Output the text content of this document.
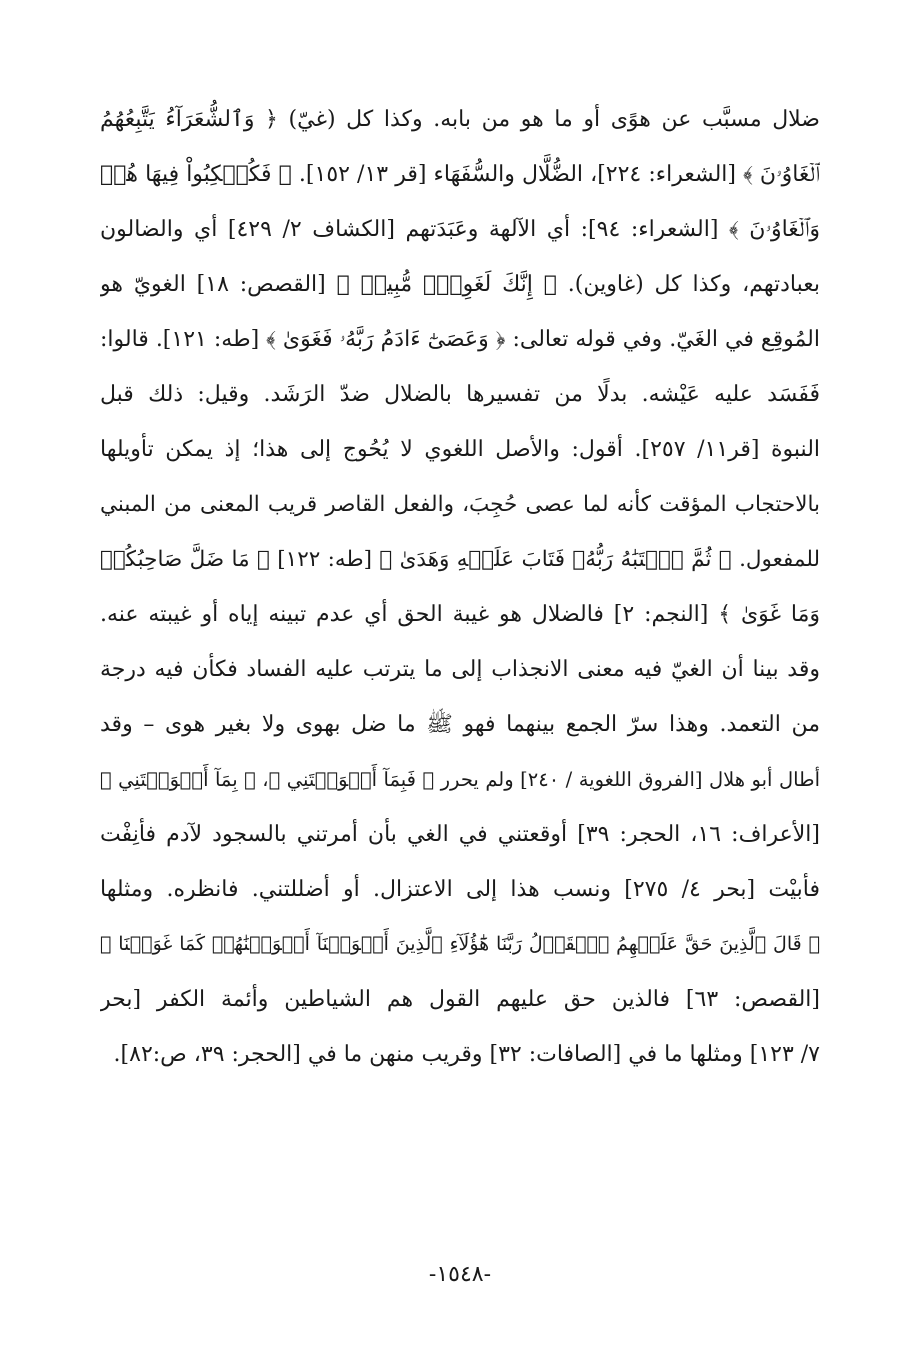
ضلال مسبَّب عن هوًى أو ما هو من بابه. وكذا كل (غيّ) ﴿ وَٱلشُّعَرَآءُ يَتَّبِعُهُمُ
ٱلۡغَاوُۥنَ ﴾ [الشعراء: ٢٢٤]، الضُّلَّال والسُّفَهَاء [قر ١٣/ ١٥٢]. ﴿ فَكُبۡكِبُواْ فِيهَا هُمۡ
وَٱلۡغَاوُۥنَ ﴾ [الشعراء: ٩٤]: أي الآلهة وعَبَدَتهم [الكشاف ٢/ ٤٢٩] أي والضالون
بعبادتهم، وكذا كل (غاوين). ﴿ إِنَّكَ لَغَوِيّٞ مُّبِينٞ ﴾ [القصص: ١٨] الغويّ هو
المُوقِع في الغَيّ. وفي قوله تعالى: ﴿ وَعَصَىٰٓ ءَادَمُ رَبَّهُۥ فَغَوَىٰ ﴾ [طه: ١٢١]. قالوا:
فَفَسَد عليه عَيْشه. بدلًا من تفسيرها بالضلال ضدّ الرَشَد. وقيل: ذلك قبل
النبوة [قر١١/ ٢٥٧]. أقول: والأصل اللغوي لا يُحُوج إلى هذا؛ إذ يمكن تأويلها
بالاحتجاب المؤقت كأنه لما عصى حُجِبَ، والفعل القاصر قريب المعنى من المبني
للمفعول. ﴿ ثُمَّ ٱجۡتَبَٰهُ رَبُّهُۥ فَتَابَ عَلَيۡهِ وَهَدَىٰ ﴾ [طه: ١٢٢] ﴿ مَا ضَلَّ صَاحِبُكُمۡ
وَمَا غَوَىٰ ﴾ [النجم: ٢] فالضلال هو غيبة الحق أي عدم تبينه إياه أو غيبته عنه.
وقد بينا أن الغيّ فيه معنى الانجذاب إلى ما يترتب عليه الفساد فكأن فيه درجة
من التعمد. وهذا سرّ الجمع بينهما فهو ﷺ ما ضل بهوى ولا بغير هوى – وقد
أطال أبو هلال [الفروق اللغوية / ٢٤٠] ولم يحرر ﴿ فَبِمَآ أَغۡوَيۡتَنِي ﴾، ﴿ بِمَآ أَغۡوَيۡتَنِي ﴾
[الأعراف: ١٦، الحجر: ٣٩] أوقعتني في الغي بأن أمرتني بالسجود لآدم فأنِفْت
فأبيْت [بحر ٤/ ٢٧٥] ونسب هذا إلى الاعتزال. أو أضللتني. فانظره. ومثلها
﴿ قَالَ ٱلَّذِينَ حَقَّ عَلَيۡهِمُ ٱلۡقَوۡلُ رَبَّنَا هَٰٓؤُلَآءِ ٱلَّذِينَ أَغۡوَيۡنَآ أَغۡوَيۡنَٰهُمۡ كَمَا غَوَيۡنَا ﴾
[القصص: ٦٣] فالذين حق عليهم القول هم الشياطين وأئمة الكفر [بحر
٧/ ١٢٣] ومثلها ما في [الصافات: ٣٢] وقريب منهن ما في [الحجر: ٣٩، ص:٨٢].
-١٥٤٨-
